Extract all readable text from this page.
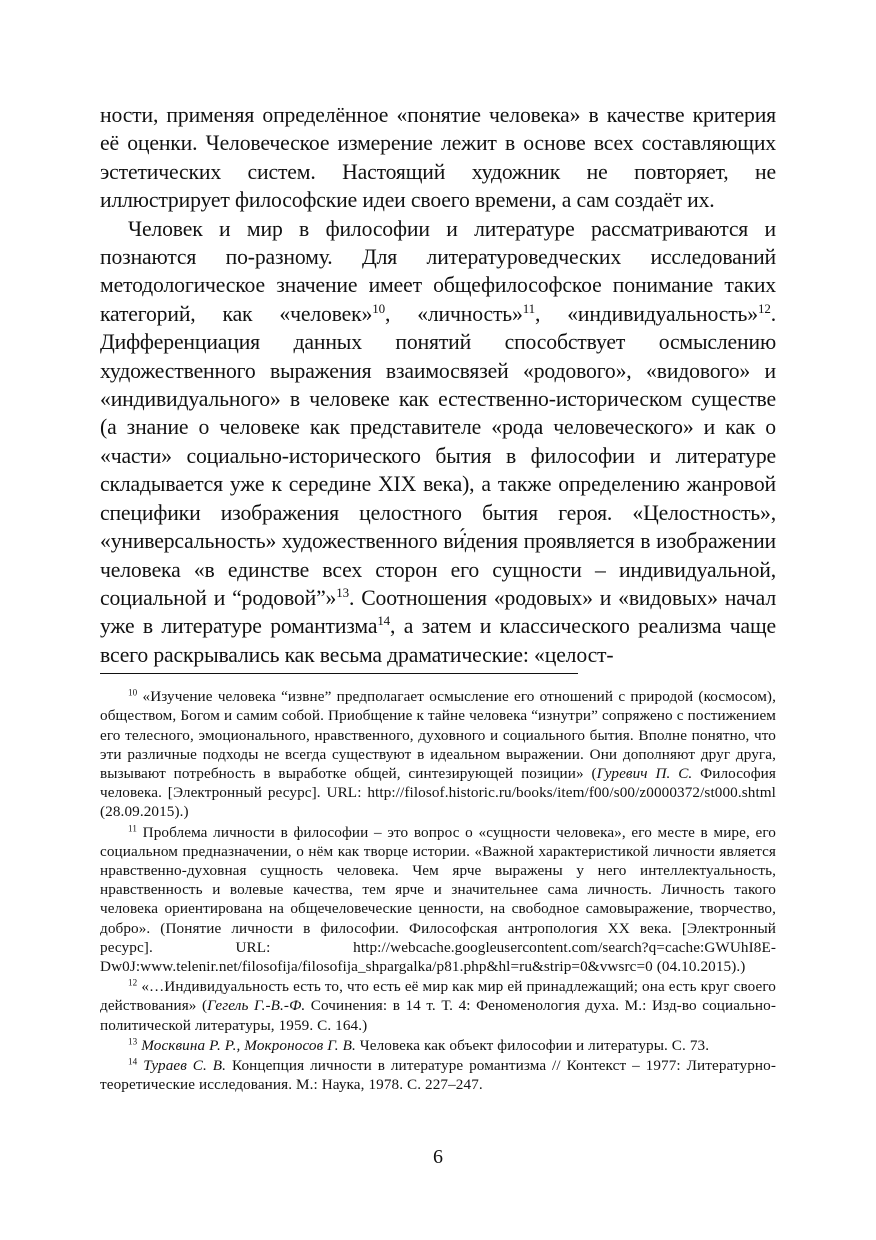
ности, применяя определённое «понятие человека» в качестве критерия её оценки. Человеческое измерение лежит в основе всех составляющих эстетических систем. Настоящий художник не повторяет, не иллюстрирует философские идеи своего времени, а сам создаёт их.

Человек и мир в философии и литературе рассматриваются и познаются по-разному. Для литературоведческих исследований методологическое значение имеет общефилософское понимание таких категорий, как «человек»$^{10}$, «личность»$^{11}$, «индивидуальность»$^{12}$. Дифференциация данных понятий способствует осмыслению художественного выражения взаимосвязей «родового», «видового» и «индивидуального» в человеке как естественно-историческом существе (а знание о человеке как представителе «рода человеческого» и как о «части» социально-исторического бытия в философии и литературе складывается уже к середине XIX века), а также определению жанровой специфики изображения целостного бытия героя. «Целостность», «универсальность» художественного ви̇́дения проявляется в изображении человека «в единстве всех сторон его сущности – индивидуальной, социальной и “родовой”»$^{13}$. Соотношения «родовых» и «видовых» начал уже в литературе романтизма$^{14}$, а затем и классического реализма чаще всего раскрывались как весьма драматические: «целост-

$^{10}$ «Изучение человека “извне” предполагает осмысление его отношений с природой (космосом), обществом, Богом и самим собой. Приобщение к тайне человека “изнутри” сопряжено с постижением его телесного, эмоционального, нравственного, духовного и социального бытия. Вполне понятно, что эти различные подходы не всегда существуют в идеальном выражении. Они дополняют друг друга, вызывают потребность в выработке общей, синтезирующей позиции» (Гуревич П. С. Философия человека. [Электронный ресурс]. URL: http://filosof.historic.ru/books/item/f00/s00/z0000372/st000.shtml (28.09.2015).)

$^{11}$ Проблема личности в философии – это вопрос о «сущности человека», его месте в мире, его социальном предназначении, о нём как творце истории. «Важной характеристикой личности является нравственно-духовная сущность человека. Чем ярче выражены у него интеллектуальность, нравственность и волевые качества, тем ярче и значительнее сама личность. Личность такого человека ориентирована на общечеловеческие ценности, на свободное самовыражение, творчество, добро». (Понятие личности в философии. Философская антропология XX века. [Электронный ресурс]. URL: http://webcache.googleusercontent.com/search?q=cache:GWUhI8E-Dw0J:www.telenir.net/filosofija/filosofija_shpargalka/p81.php&hl=ru&strip=0&vwsrc=0 (04.10.2015).)

$^{12}$ «…Индивидуальность есть то, что есть её мир как мир ей принадлежащий; она есть круг своего действования» (Гегель Г.-В.-Ф. Сочинения: в 14 т. Т. 4: Феноменология духа. М.: Изд-во социально-политической литературы, 1959. С. 164.)

$^{13}$ Москвина Р. Р., Мокроносов Г. В. Человека как объект философии и литературы. С. 73.

$^{14}$ Тураев С. В. Концепция личности в литературе романтизма // Контекст – 1977: Литературно-теоретические исследования. М.: Наука, 1978. С. 227–247.

6
